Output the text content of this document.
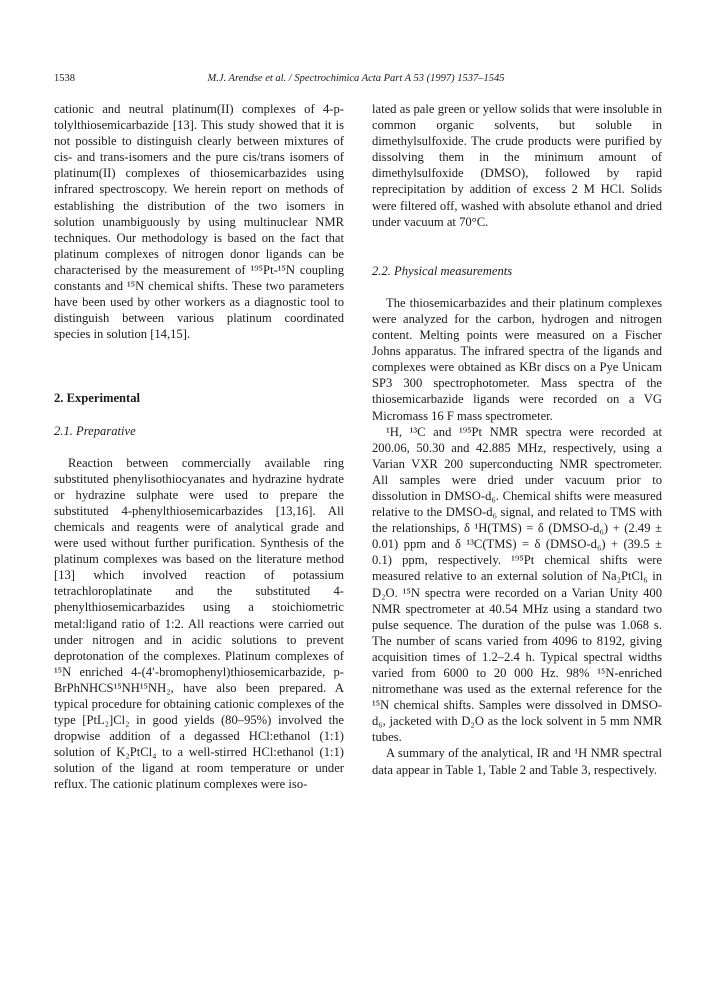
1538	M.J. Arendse et al. / Spectrochimica Acta Part A 53 (1997) 1537–1545

cationic and neutral platinum(II) complexes of 4-p-tolylthiosemicarbazide [13]. This study showed that it is not possible to distinguish clearly between mixtures of cis- and trans-isomers and the pure cis/trans isomers of platinum(II) complexes of thiosemicarbazides using infrared spectroscopy. We herein report on methods of establishing the distribution of the two isomers in solution unambiguously by using multinuclear NMR techniques. Our methodology is based on the fact that platinum complexes of nitrogen donor ligands can be characterised by the measurement of ¹⁹⁵Pt-¹⁵N coupling constants and ¹⁵N chemical shifts. These two parameters have been used by other workers as a diagnostic tool to distinguish between various platinum coordinated species in solution [14,15].

2. Experimental

2.1. Preparative

Reaction between commercially available ring substituted phenylisothiocyanates and hydrazine hydrate or hydrazine sulphate were used to prepare the substituted 4-phenylthiosemicarbazides [13,16]. All chemicals and reagents were of analytical grade and were used without further purification. Synthesis of the platinum complexes was based on the literature method [13] which involved reaction of potassium tetrachloroplatinate and the substituted 4-phenylthiosemicarbazides using a stoichiometric metal:ligand ratio of 1:2. All reactions were carried out under nitrogen and in acidic solutions to prevent deprotonation of the complexes. Platinum complexes of ¹⁵N enriched 4-(4′-bromophenyl)thiosemicarbazide, p-BrPhNHCS¹⁵NH¹⁵NH₂, have also been prepared. A typical procedure for obtaining cationic complexes of the type [PtL₂]Cl₂ in good yields (80–95%) involved the dropwise addition of a degassed HCl:ethanol (1:1) solution of K₂PtCl₄ to a well-stirred HCl:ethanol (1:1) solution of the ligand at room temperature or under reflux. The cationic platinum complexes were iso-

lated as pale green or yellow solids that were insoluble in common organic solvents, but soluble in dimethylsulfoxide. The crude products were purified by dissolving them in the minimum amount of dimethylsulfoxide (DMSO), followed by rapid reprecipitation by addition of excess 2 M HCl. Solids were filtered off, washed with absolute ethanol and dried under vacuum at 70°C.

2.2. Physical measurements

The thiosemicarbazides and their platinum complexes were analyzed for the carbon, hydrogen and nitrogen content. Melting points were measured on a Fischer Johns apparatus. The infrared spectra of the ligands and complexes were obtained as KBr discs on a Pye Unicam SP3 300 spectrophotometer. Mass spectra of the thiosemicarbazide ligands were recorded on a VG Micromass 16 F mass spectrometer.

¹H, ¹³C and ¹⁹⁵Pt NMR spectra were recorded at 200.06, 50.30 and 42.885 MHz, respectively, using a Varian VXR 200 superconducting NMR spectrometer. All samples were dried under vacuum prior to dissolution in DMSO-d₆. Chemical shifts were measured relative to the DMSO-d₆ signal, and related to TMS with the relationships, δ ¹H(TMS) = δ (DMSO-d₆) + (2.49 ± 0.01) ppm and δ ¹³C(TMS) = δ (DMSO-d₆) + (39.5 ± 0.1) ppm, respectively. ¹⁹⁵Pt chemical shifts were measured relative to an external solution of Na₂PtCl₆ in D₂O. ¹⁵N spectra were recorded on a Varian Unity 400 NMR spectrometer at 40.54 MHz using a standard two pulse sequence. The duration of the pulse was 1.068 s. The number of scans varied from 4096 to 8192, giving acquisition times of 1.2–2.4 h. Typical spectral widths varied from 6000 to 20 000 Hz. 98% ¹⁵N-enriched nitromethane was used as the external reference for the ¹⁵N chemical shifts. Samples were dissolved in DMSO-d₆, jacketed with D₂O as the lock solvent in 5 mm NMR tubes.

A summary of the analytical, IR and ¹H NMR spectral data appear in Table 1, Table 2 and Table 3, respectively.
